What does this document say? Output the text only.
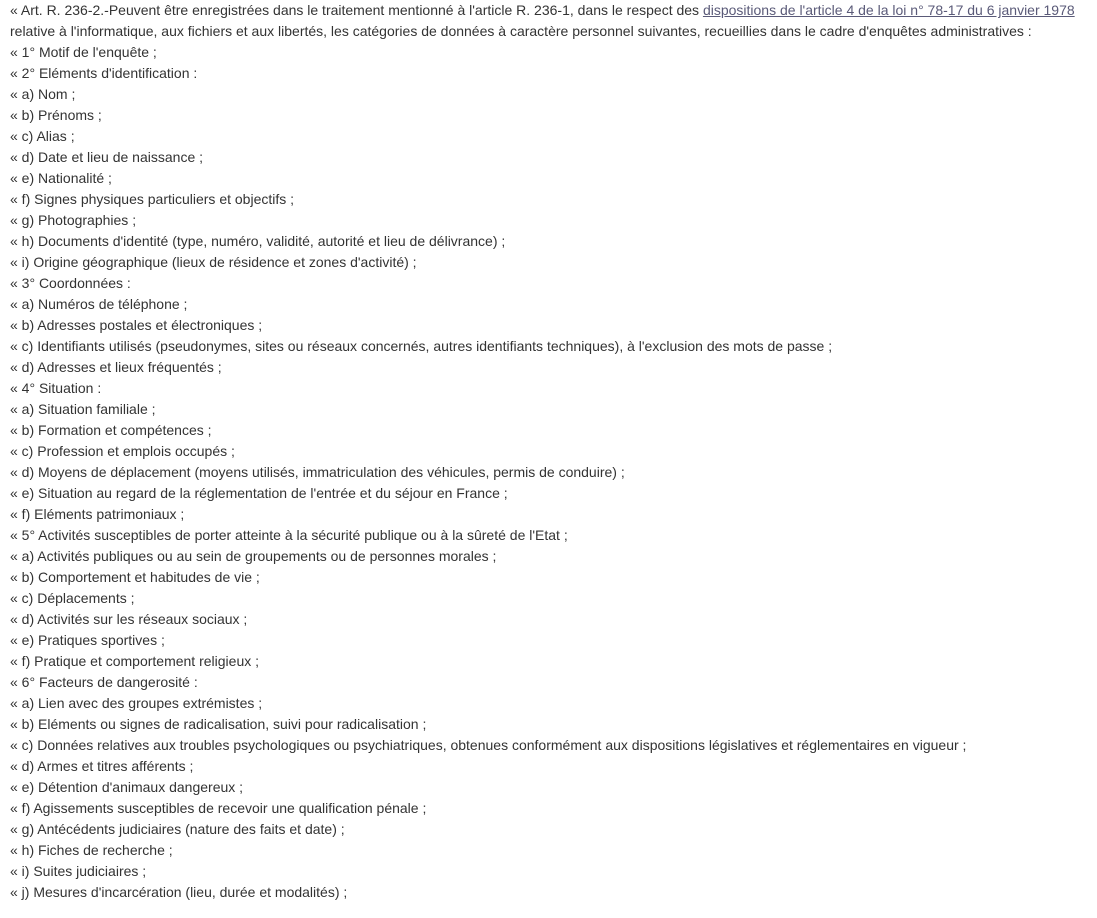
« Art. R. 236-2.-Peuvent être enregistrées dans le traitement mentionné à l'article R. 236-1, dans le respect des dispositions de l'article 4 de la loi n° 78-17 du 6 janvier 1978 relative à l'informatique, aux fichiers et aux libertés, les catégories de données à caractère personnel suivantes, recueillies dans le cadre d'enquêtes administratives :

« 1° Motif de l'enquête ;

« 2° Eléments d'identification :

« a) Nom ;

« b) Prénoms ;

« c) Alias ;

« d) Date et lieu de naissance ;

« e) Nationalité ;

« f) Signes physiques particuliers et objectifs ;

« g) Photographies ;

« h) Documents d'identité (type, numéro, validité, autorité et lieu de délivrance) ;

« i) Origine géographique (lieux de résidence et zones d'activité) ;

« 3° Coordonnées :

« a) Numéros de téléphone ;

« b) Adresses postales et électroniques ;

« c) Identifiants utilisés (pseudonymes, sites ou réseaux concernés, autres identifiants techniques), à l'exclusion des mots de passe ;

« d) Adresses et lieux fréquentés ;

« 4° Situation :

« a) Situation familiale ;

« b) Formation et compétences ;

« c) Profession et emplois occupés ;

« d) Moyens de déplacement (moyens utilisés, immatriculation des véhicules, permis de conduire) ;

« e) Situation au regard de la réglementation de l'entrée et du séjour en France ;

« f) Eléments patrimoniaux ;

« 5° Activités susceptibles de porter atteinte à la sécurité publique ou à la sûreté de l'Etat ;

« a) Activités publiques ou au sein de groupements ou de personnes morales ;

« b) Comportement et habitudes de vie ;

« c) Déplacements ;

« d) Activités sur les réseaux sociaux ;

« e) Pratiques sportives ;

« f) Pratique et comportement religieux ;

« 6° Facteurs de dangerosité :

« a) Lien avec des groupes extrémistes ;

« b) Eléments ou signes de radicalisation, suivi pour radicalisation ;

« c) Données relatives aux troubles psychologiques ou psychiatriques, obtenues conformément aux dispositions législatives et réglementaires en vigueur ;

« d) Armes et titres afférents ;

« e) Détention d'animaux dangereux ;

« f) Agissements susceptibles de recevoir une qualification pénale ;

« g) Antécédents judiciaires (nature des faits et date) ;

« h) Fiches de recherche ;

« i) Suites judiciaires ;

« j) Mesures d'incarcération (lieu, durée et modalités) ;
